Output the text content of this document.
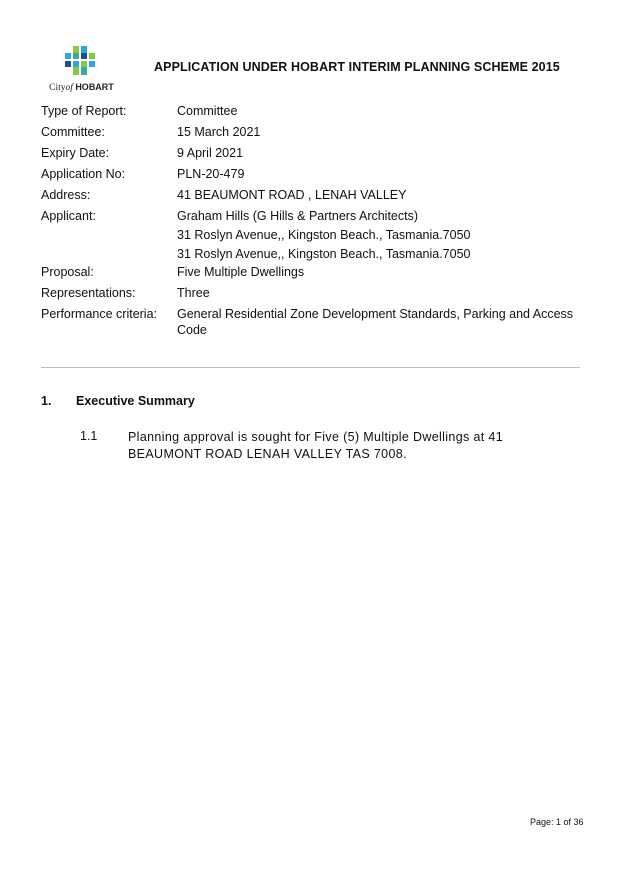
Cityof HOBART
APPLICATION UNDER HOBART INTERIM PLANNING SCHEME 2015
Type of Report:	Committee
Committee:	15 March 2021
Expiry Date:	9 April 2021
Application No:	PLN-20-479
Address:	41 BEAUMONT ROAD , LENAH VALLEY
Applicant:	Graham Hills (G Hills & Partners Architects)
31 Roslyn Avenue,, Kingston Beach., Tasmania.7050
31 Roslyn Avenue,, Kingston Beach., Tasmania.7050
Proposal:	Five Multiple Dwellings
Representations:	Three
Performance criteria:	General Residential Zone Development Standards, Parking and Access Code
1. Executive Summary
1.1 Planning approval is sought for Five (5) Multiple Dwellings at 41 BEAUMONT ROAD LENAH VALLEY TAS 7008.
Page: 1 of 36
